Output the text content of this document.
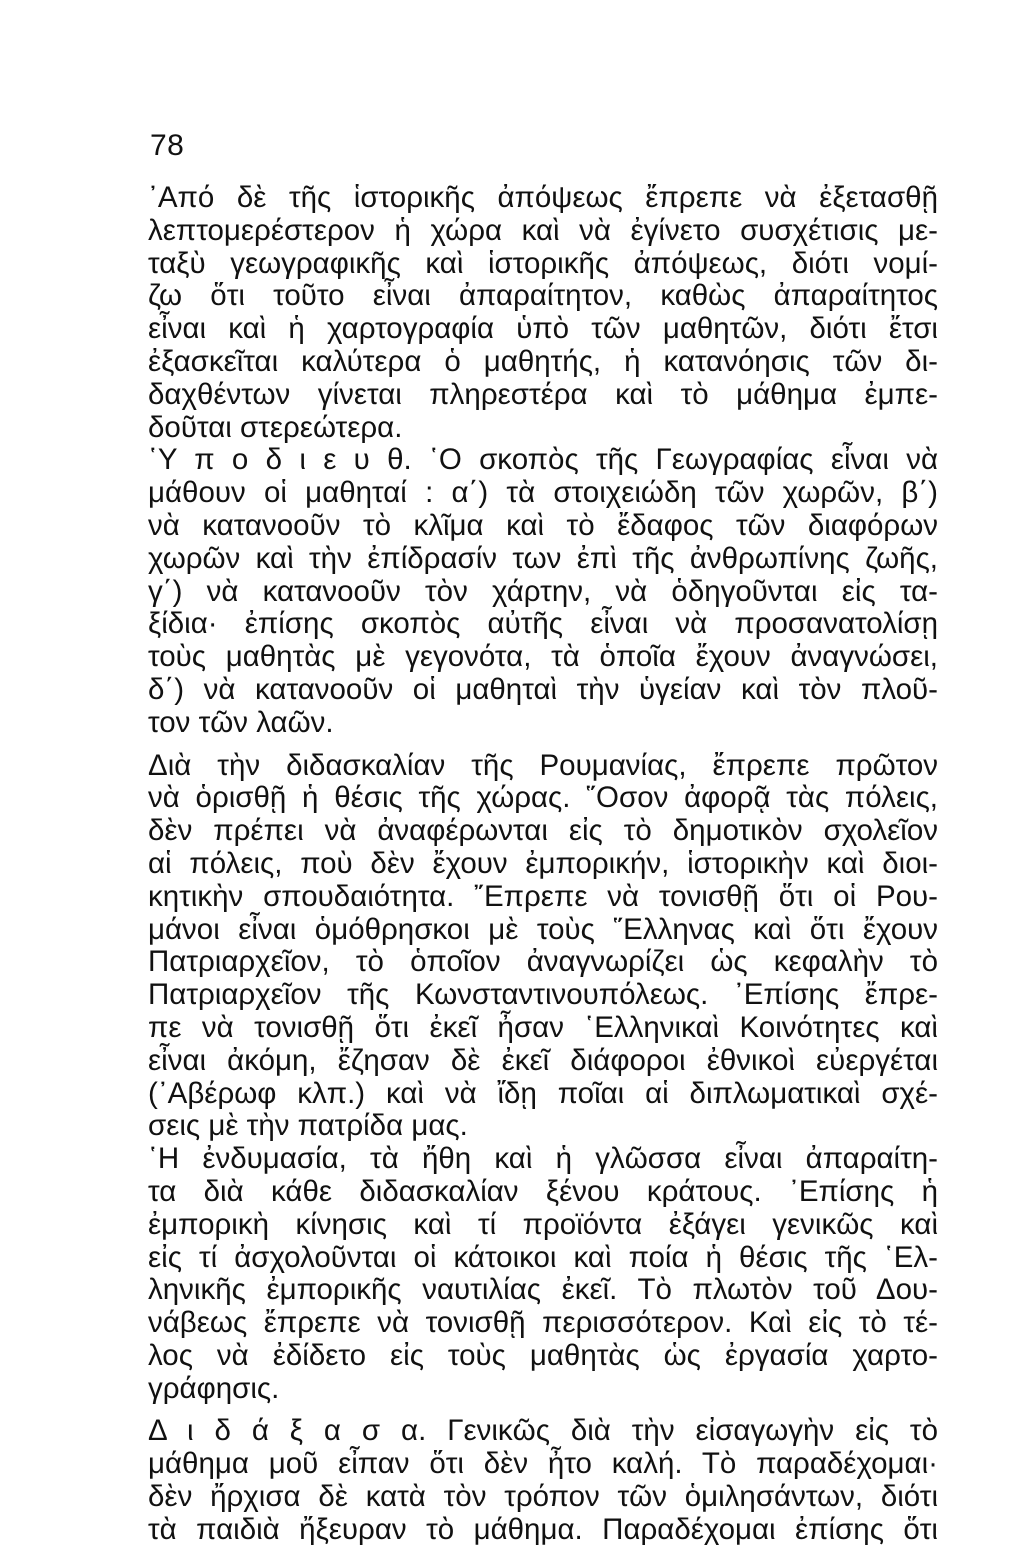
78
᾿Από δὲ τῆς ἱστορικῆς ἀπόψεως ἔπρεπε νὰ ἐξετασθῇ
λεπτομερέστερον ἡ χώρα καὶ νὰ ἐγίνετο συσχέτισις με-
ταξὺ γεωγραφικῆς καὶ ἱστορικῆς ἀπόψεως, διότι νομί-
ζω ὅτι τοῦτο εἶναι ἀπαραίτητον, καθὼς ἀπαραίτητος
εἶναι καὶ ἡ χαρτογραφία ὑπὸ τῶν μαθητῶν, διότι ἔτσι
ἐξασκεῖται καλύτερα ὁ μαθητής, ἡ κατανόησις τῶν δι-
δαχθέντων γίνεται πληρεστέρα καὶ τὸ μάθημα ἐμπε-
δοῦται στερεώτερα.
῾Υ π ο δ ι ε υ θ. ῾Ο σκοπὸς τῆς Γεωγραφίας εἶναι νὰ
μάθουν οἱ μαθηταί : α΄) τὰ στοιχειώδη τῶν χωρῶν, β΄)
νὰ κατανοοῦν τὸ κλῖμα καὶ τὸ ἔδαφος τῶν διαφόρων
χωρῶν καὶ τὴν ἐπίδρασίν των ἐπὶ τῆς ἀνθρωπίνης ζωῆς,
γ΄) νὰ κατανοοῦν τὸν χάρτην, νὰ ὁδηγοῦνται εἰς τα-
ξίδια· ἐπίσης σκοπὸς αὐτῆς εἶναι νὰ προσανατολίσῃ
τοὺς μαθητὰς μὲ γεγονότα, τὰ ὁποῖα ἔχουν ἀναγνώσει,
δ΄) νὰ κατανοοῦν οἱ μαθηταὶ τὴν ὑγείαν καὶ τὸν πλοῦ-
τον τῶν λαῶν.
Διὰ τὴν διδασκαλίαν τῆς Ρουμανίας, ἔπρεπε πρῶτον
νὰ ὁρισθῇ ἡ θέσις τῆς χώρας. ῞Οσον ἀφορᾷ τὰς πόλεις,
δὲν πρέπει νὰ ἀναφέρωνται εἰς τὸ δημοτικὸν σχολεῖον
αἱ πόλεις, ποὺ δὲν ἔχουν ἐμπορικήν, ἱστορικὴν καὶ διοι-
κητικὴν σπουδαιότητα. ῎Επρεπε νὰ τονισθῇ ὅτι οἱ Ρου-
μάνοι εἶναι ὁμόθρησκοι μὲ τοὺς ῞Ελληνας καὶ ὅτι ἔχουν
Πατριαρχεῖον, τὸ ὁποῖον ἀναγνωρίζει ὡς κεφαλὴν τὸ
Πατριαρχεῖον τῆς Κωνσταντινουπόλεως. ᾿Επίσης ἔπρε-
πε νὰ τονισθῇ ὅτι ἐκεῖ ἦσαν ῾Ελληνικαὶ Κοινότητες καὶ
εἶναι ἀκόμη, ἔζησαν δὲ ἐκεῖ διάφοροι ἐθνικοὶ εὐεργέται
(᾿Αβέρωφ κλπ.) καὶ νὰ ἴδῃ ποῖαι αἱ διπλωματικαὶ σχέ-
σεις μὲ τὴν πατρίδα μας.
῾Η ἐνδυμασία, τὰ ἤθη καὶ ἡ γλῶσσα εἶναι ἀπαραίτη-
τα διὰ κάθε διδασκαλίαν ξένου κράτους. ᾿Επίσης ἡ
ἐμπορικὴ κίνησις καὶ τί προϊόντα ἐξάγει γενικῶς καὶ
εἰς τί ἀσχολοῦνται οἱ κάτοικοι καὶ ποία ἡ θέσις τῆς ῾Ελ-
ληνικῆς ἐμπορικῆς ναυτιλίας ἐκεῖ. Τὸ πλωτὸν τοῦ Δου-
νάβεως ἔπρεπε νὰ τονισθῇ περισσότερον. Καὶ εἰς τὸ τέ-
λος νὰ ἐδίδετο εἰς τοὺς μαθητὰς ὡς ἐργασία χαρτο-
γράφησις.
Δ ι δ ά ξ α σ α. Γενικῶς διὰ τὴν εἰσαγωγὴν εἰς τὸ
μάθημα μοῦ εἶπαν ὅτι δὲν ἦτο καλή. Τὸ παραδέχομαι·
δὲν ἤρχισα δὲ κατὰ τὸν τρόπον τῶν ὁμιλησάντων, διότι
τὰ παιδιὰ ἤξευραν τὸ μάθημα. Παραδέχομαι ἐπίσης ὅτι
